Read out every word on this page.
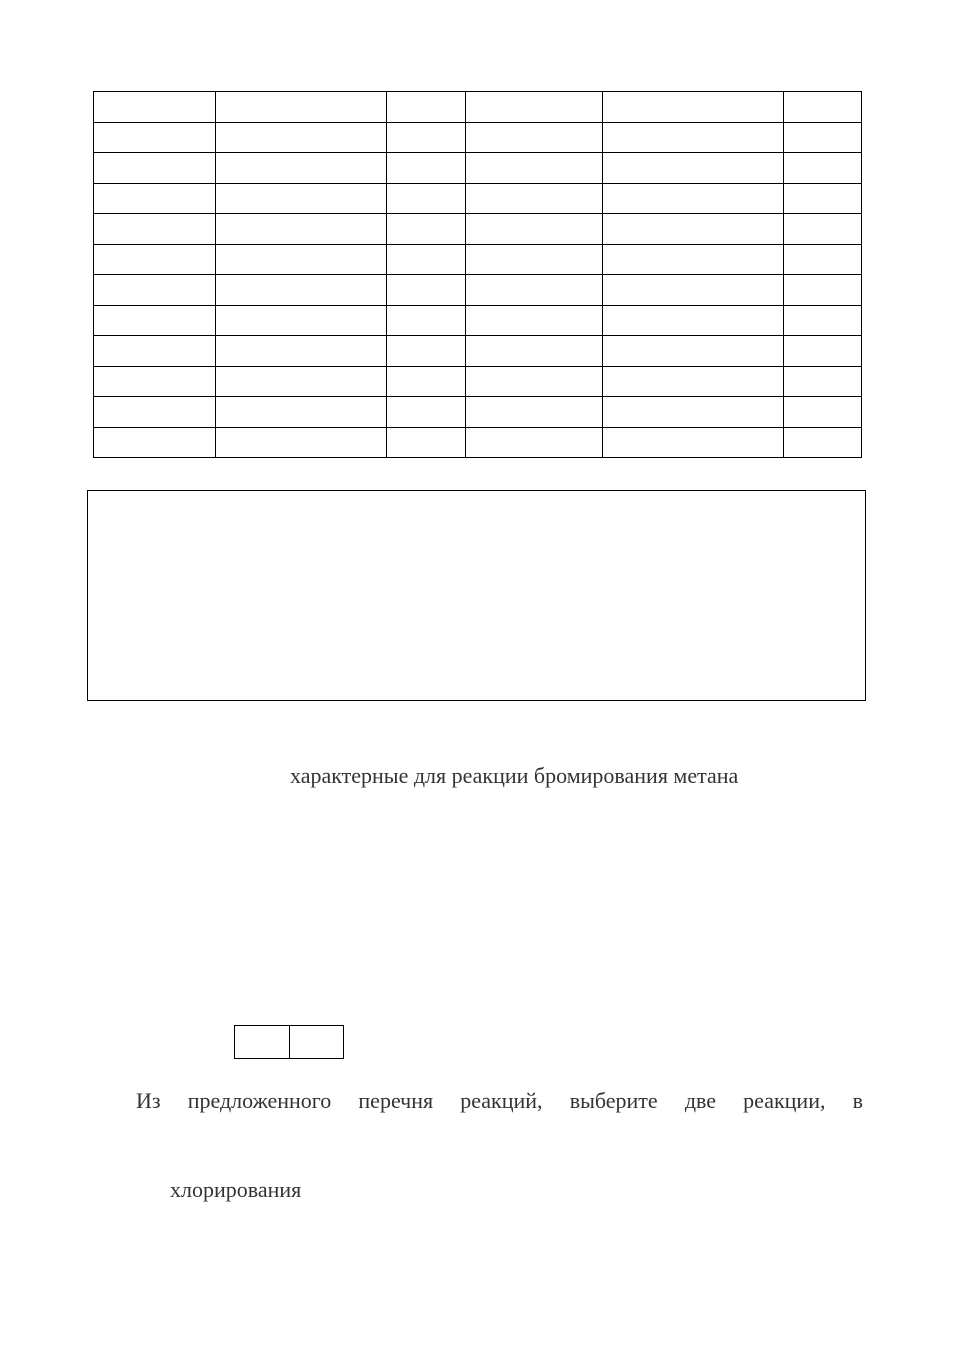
характерные для реакции бромирования метана
Из предложенного перечня реакций, выберите две реакции, в
хлорирования
